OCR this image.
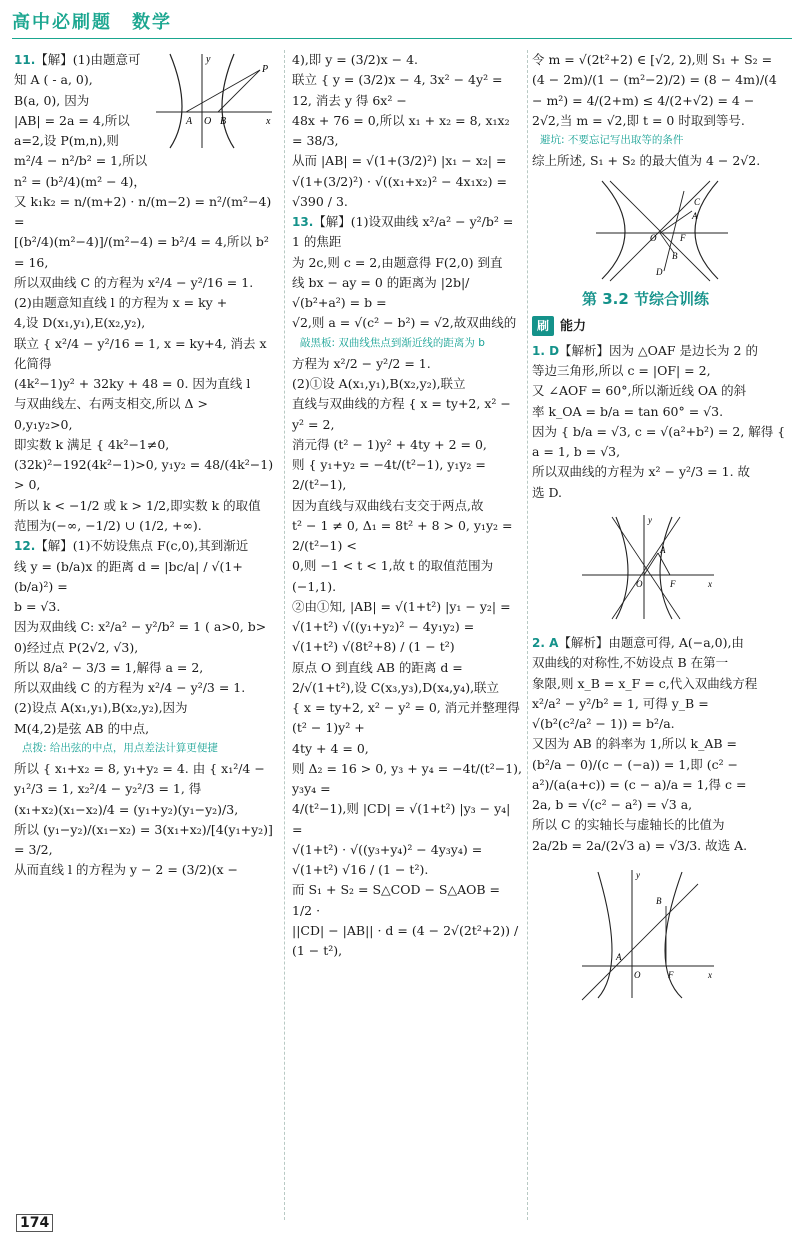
高中必刷题　数学
A O B
P
x
y
11.【解】(1)由题意可
知 A ( - a, 0),
B(a, 0), 因为
|AB| = 2a = 4,所以
a=2,设 P(m,n),则
m²/4 − n²/b² = 1,所以
n² = (b²/4)(m² − 4)，
又 k₁k₂ = n/(m+2) · n/(m−2) = n²/(m²−4) =
[(b²/4)(m²−4)]/(m²−4) = b²/4 = 4,所以 b² = 16,
所以双曲线 C 的方程为 x²/4 − y²/16 = 1.
(2)由题意知直线 l 的方程为 x = ky +
4,设 D(x₁,y₁),E(x₂,y₂),
联立 { x²/4 − y²/16 = 1, x = ky+4, 消去 x 化简得
(4k²−1)y² + 32ky + 48 = 0. 因为直线 l
与双曲线左、右两支相交,所以 Δ >
0,y₁y₂>0,
即实数 k 满足 { 4k²−1≠0, (32k)²−192(4k²−1)>0, y₁y₂ = 48/(4k²−1) > 0,
所以 k < −1/2 或 k > 1/2,即实数 k 的取值
范围为(−∞, −1/2) ∪ (1/2, +∞).
12.【解】(1)不妨设焦点 F(c,0),其到渐近
线 y = (b/a)x 的距离 d = |bc/a| / √(1+(b/a)²) =
b = √3.
因为双曲线 C: x²/a² − y²/b² = 1 ( a>0, b>
0)经过点 P(2√2, √3),
所以 8/a² − 3/3 = 1,解得 a = 2,
所以双曲线 C 的方程为 x²/4 − y²/3 = 1.
(2)设点 A(x₁,y₁),B(x₂,y₂),因为
M(4,2)是弦 AB 的中点,
点拨: 给出弦的中点，用点差法计算更便捷
所以 { x₁+x₂ = 8, y₁+y₂ = 4. 由 { x₁²/4 − y₁²/3 = 1, x₂²/4 − y₂²/3 = 1, 得
(x₁+x₂)(x₁−x₂)/4 = (y₁+y₂)(y₁−y₂)/3,
所以 (y₁−y₂)/(x₁−x₂) = 3(x₁+x₂)/[4(y₁+y₂)] = 3/2,
从而直线 l 的方程为 y − 2 = (3/2)(x −
4),即 y = (3/2)x − 4.
联立 { y = (3/2)x − 4, 3x² − 4y² = 12, 消去 y 得 6x² −
48x + 76 = 0,所以 x₁ + x₂ = 8, x₁x₂ = 38/3,
从而 |AB| = √(1+(3/2)²) |x₁ − x₂| =
√(1+(3/2)²) · √((x₁+x₂)² − 4x₁x₂) =
√390 / 3.
13.【解】(1)设双曲线 x²/a² − y²/b² = 1 的焦距
为 2c,则 c = 2,由题意得 F(2,0) 到直
线 bx − ay = 0 的距离为 |2b|/√(b²+a²) = b =
√2,则 a = √(c² − b²) = √2,故双曲线的
敲黑板: 双曲线焦点到渐近线的距离为 b
方程为 x²/2 − y²/2 = 1.
(2)①设 A(x₁,y₁),B(x₂,y₂),联立
直线与双曲线的方程 { x = ty+2, x² − y² = 2,
消元得 (t² − 1)y² + 4ty + 2 = 0,
则 { y₁+y₂ = −4t/(t²−1), y₁y₂ = 2/(t²−1),
因为直线与双曲线右支交于两点,故
t² − 1 ≠ 0, Δ₁ = 8t² + 8 > 0, y₁y₂ = 2/(t²−1) <
0,则 −1 < t < 1,故 t 的取值范围为
(−1,1).
②由①知, |AB| = √(1+t²) |y₁ − y₂| =
√(1+t²) √((y₁+y₂)² − 4y₁y₂) =
√(1+t²) √(8t²+8) / (1 − t²)
原点 O 到直线 AB 的距离 d =
2/√(1+t²),设 C(x₃,y₃),D(x₄,y₄),联立
{ x = ty+2, x² − y² = 0, 消元并整理得 (t² − 1)y² +
4ty + 4 = 0,
则 Δ₂ = 16 > 0, y₃ + y₄ = −4t/(t²−1), y₃y₄ =
4/(t²−1),则 |CD| = √(1+t²) |y₃ − y₄| =
√(1+t²) · √((y₃+y₄)² − 4y₃y₄) =
√(1+t²) √16 / (1 − t²).
而 S₁ + S₂ = S△COD − S△AOB = 1/2 ·
||CD| − |AB|| · d = (4 − 2√(2t²+2)) / (1 − t²),
令 m = √(2t²+2) ∈ [√2, 2),则 S₁ + S₂ =
(4 − 2m)/(1 − (m²−2)/2) = (8 − 4m)/(4 − m²) = 4/(2+m) ≤ 4/(2+√2) = 4 −
2√2,当 m = √2,即 t = 0 时取到等号.
避坑: 不要忘记写出取等的条件
综上所述, S₁ + S₂ 的最大值为 4 − 2√2.
C
A
O	F
B
D
第 3.2 节综合训练
刷 能力
1. D【解析】因为 △OAF 是边长为 2 的
等边三角形,所以 c = |OF| = 2,
又 ∠AOF = 60°,所以渐近线 OA 的斜
率 k_OA = b/a = tan 60° = √3.
因为 { b/a = √3, c = √(a²+b²) = 2, 解得 { a = 1, b = √3,
所以双曲线的方程为 x² − y²/3 = 1. 故
选 D.
A
O	F	x
y
2. A【解析】由题意可得, A(−a,0),由
双曲线的对称性,不妨设点 B 在第一
象限,则 x_B = x_F = c,代入双曲线方程
x²/a² − y²/b² = 1, 可得 y_B =
√(b²(c²/a² − 1)) = b²/a.
又因为 AB 的斜率为 1,所以 k_AB =
(b²/a − 0)/(c − (−a)) = 1,即 (c² − a²)/(a(a+c)) = (c − a)/a = 1,得 c =
2a, b = √(c² − a²) = √3 a,
所以 C 的实轴长与虚轴长的比值为
2a/2b = 2a/(2√3 a) = √3/3. 故选 A.
A
O	F
B
x
y
174
